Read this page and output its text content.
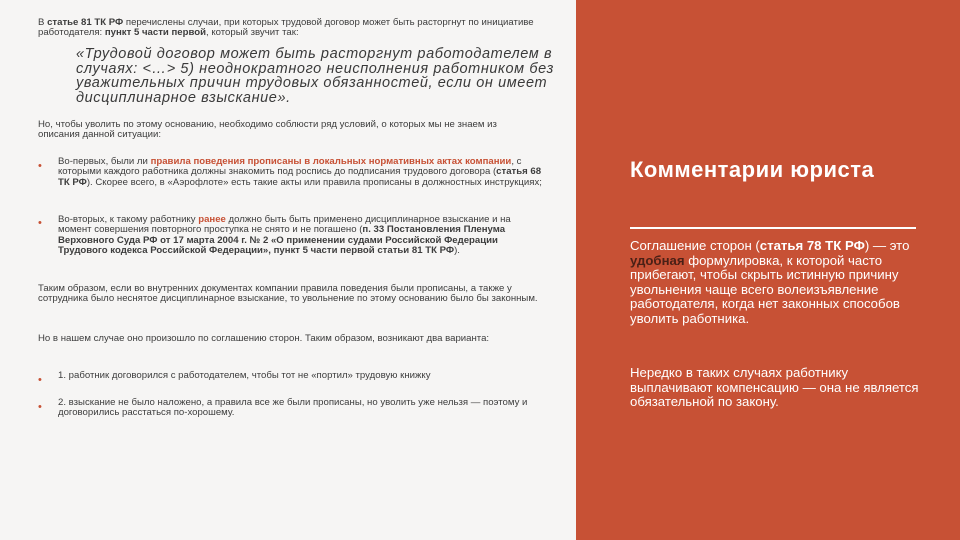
В статье 81 ТК РФ перечислены случаи, при которых трудовой договор может быть расторгнут по инициативе работодателя: пункт 5 части первой, который звучит так:

«Трудовой договор может быть расторгнут работодателем в случаях: <…> 5) неоднократного неисполнения работником без уважительных причин трудовых обязанностей, если он имеет дисциплинарное взыскание».

Но, чтобы уволить по этому основанию, необходимо соблюсти ряд условий, о которых мы не знаем из описания данной ситуации:

• Во-первых, были ли правила поведения прописаны в локальных нормативных актах компании, с которыми каждого работника должны знакомить под роспись до подписания трудового договора (статья 68 ТК РФ). Скорее всего, в «Аэрофлоте» есть такие акты или правила прописаны в должностных инструкциях;

• Во-вторых, к такому работнику ранее должно быть быть применено дисциплинарное взыскание и на момент совершения повторного проступка не снято и не погашено (п. 33 Постановления Пленума Верховного Суда РФ от 17 марта 2004 г. № 2 «О применении судами Российской Федерации Трудового кодекса Российской Федерации», пункт 5 части первой статьи 81 ТК РФ).

Таким образом, если во внутренних документах компании правила поведения были прописаны, а также у сотрудника было неснятое дисциплинарное взыскание, то увольнение по этому основанию было бы законным.

Но в нашем случае оно произошло по соглашению сторон. Таким образом, возникают два варианта:

• 1. работник договорился с работодателем, чтобы тот не «портил» трудовую книжку

• 2. взыскание не было наложено, а правила все же были прописаны, но уволить уже нельзя — поэтому и договорились расстаться по-хорошему.

Комментарии юриста

Соглашение сторон (статья 78 ТК РФ) — это удобная формулировка, к которой часто прибегают, чтобы скрыть истинную причину увольнения чаще всего волеизъявление работодателя, когда нет законных способов уволить работника.

Нередко в таких случаях работнику выплачивают компенсацию — она не является обязательной по закону.
